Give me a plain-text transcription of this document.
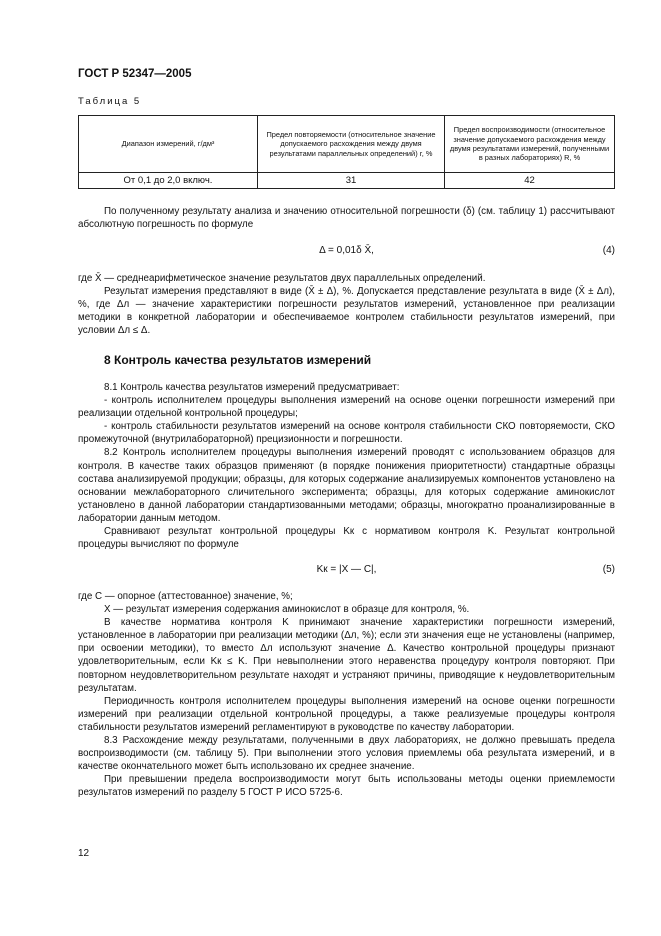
ГОСТ Р 52347—2005
Таблица 5
Диапазон измерений, г/дм³	Предел повторяемости (относительное значение допускаемого расхождения между двумя результатами параллельных определений) r, %	Предел воспроизводимости (относительное значение допускаемого расхождения между двумя результатами измерений, полученными в разных лабораториях) R, %
От 0,1 до 2,0 включ.	31	42

По полученному результату анализа и значению относительной погрешности (δ) (см. таблицу 1) рассчитывают абсолютную погрешность по формуле

Δ = 0,01δ X̄,	(4)

где X̄ — среднеарифметическое значение результатов двух параллельных определений.

Результат измерения представляют в виде (X̄ ± Δ), %. Допускается представление результата в виде (X̄ ± Δл), %, где Δл — значение характеристики погрешности результатов измерений, установленное при реализации методики в конкретной лаборатории и обеспечиваемое контролем стабильности результатов измерений, при условии Δл ≤ Δ.

8 Контроль качества результатов измерений

8.1 Контроль качества результатов измерений предусматривает:

- контроль исполнителем процедуры выполнения измерений на основе оценки погрешности измерений при реализации отдельной контрольной процедуры;

- контроль стабильности результатов измерений на основе контроля стабильности СКО повторяемости, СКО промежуточной (внутрилабораторной) прецизионности и погрешности.

8.2 Контроль исполнителем процедуры выполнения измерений проводят с использованием образцов для контроля. В качестве таких образцов применяют (в порядке понижения приоритетности) стандартные образцы состава анализируемой продукции; образцы, для которых содержание анализируемых компонентов установлено на основании межлабораторного сличительного эксперимента; образцы, для которых содержание аминокислот установлено в данной лаборатории стандартизованными методами; образцы, многократно проанализированные в лаборатории данным методом.

Сравнивают результат контрольной процедуры Kк с нормативом контроля K. Результат контрольной процедуры вычисляют по формуле

Kк = |X — C|,	(5)

где C — опорное (аттестованное) значение, %;

X — результат измерения содержания аминокислот в образце для контроля, %.

В качестве норматива контроля K принимают значение характеристики погрешности измерений, установленное в лаборатории при реализации методики (Δл, %); если эти значения еще не установлены (например, при освоении методики), то вместо Δл используют значение Δ. Качество контрольной процедуры признают удовлетворительным, если Kк ≤ K. При невыполнении этого неравенства процедуру контроля повторяют. При повторном неудовлетворительном результате находят и устраняют причины, приводящие к неудовлетворительным результатам.

Периодичность контроля исполнителем процедуры выполнения измерений на основе оценки погрешности измерений при реализации отдельной контрольной процедуры, а также реализуемые процедуры контроля стабильности результатов измерений регламентируют в руководстве по качеству лаборатории.

8.3 Расхождение между результатами, полученными в двух лабораториях, не должно превышать предела воспроизводимости (см. таблицу 5). При выполнении этого условия приемлемы оба результата измерений, и в качестве окончательного может быть использовано их среднее значение.

При превышении предела воспроизводимости могут быть использованы методы оценки приемлемости результатов измерений по разделу 5 ГОСТ Р ИСО 5725-6.

12
